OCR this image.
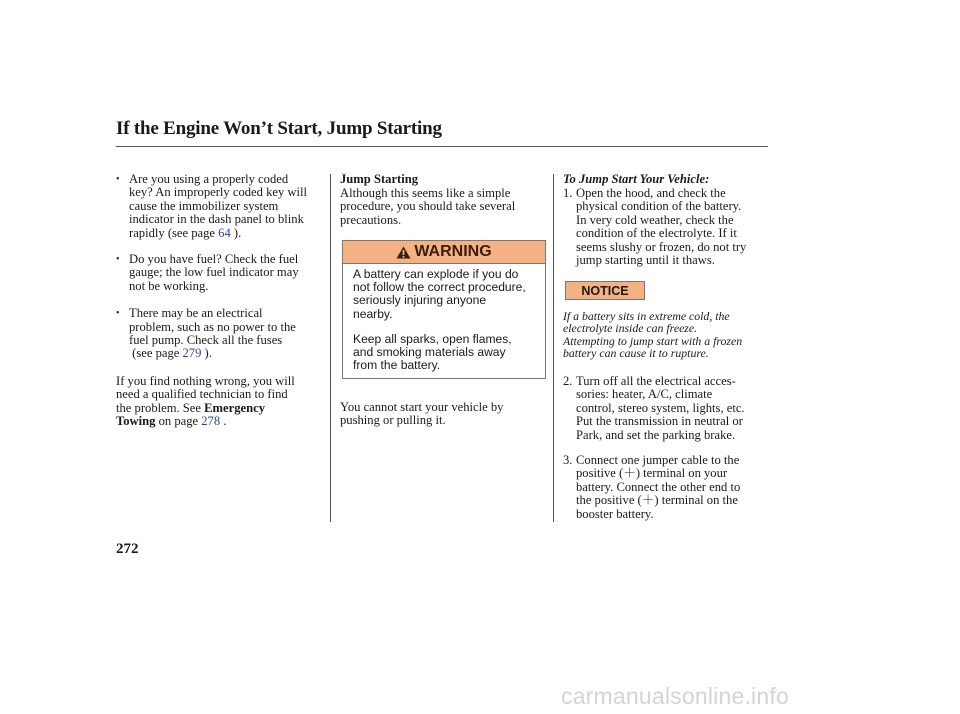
If the Engine Won’t Start, Jump Starting
• Are you using a properly coded
key? An improperly coded key will
cause the immobilizer system
indicator in the dash panel to blink
rapidly (see page 64 ).
• Do you have fuel? Check the fuel
gauge; the low fuel indicator may
not be working.
• There may be an electrical
problem, such as no power to the
fuel pump. Check all the fuses
(see page 279 ).
If you find nothing wrong, you will
need a qualified technician to find
the problem. See Emergency
Towing on page 278 .
Jump Starting
Although this seems like a simple
procedure, you should take several
precautions.
WARNING
A battery can explode if you do
not follow the correct procedure,
seriously injuring anyone
nearby.
Keep all sparks, open flames,
and smoking materials away
from the battery.
You cannot start your vehicle by
pushing or pulling it.
To Jump Start Your Vehicle:
1. Open the hood, and check the
physical condition of the battery.
In very cold weather, check the
condition of the electrolyte. If it
seems slushy or frozen, do not try
jump starting until it thaws.
NOTICE
If a battery sits in extreme cold, the
electrolyte inside can freeze.
Attempting to jump start with a frozen
battery can cause it to rupture.
2. Turn off all the electrical acces-
sories: heater, A/C, climate
control, stereo system, lights, etc.
Put the transmission in neutral or
Park, and set the parking brake.
3. Connect one jumper cable to the
positive (＋) terminal on your
battery. Connect the other end to
the positive (＋) terminal on the
booster battery.
272
carmanualsonline.info
